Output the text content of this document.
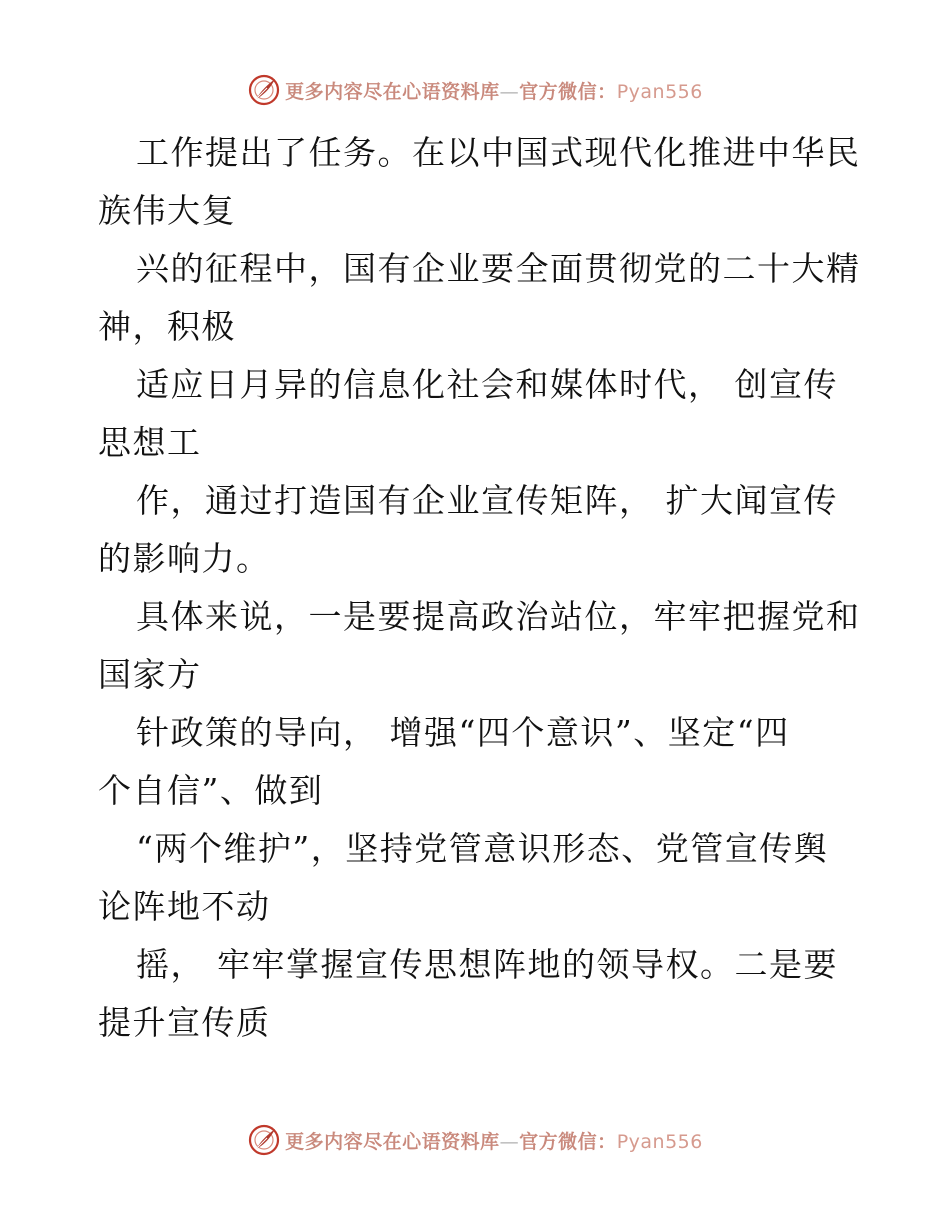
更多内容尽在心语资料库—官方微信：Pyan556

工作提出了任务。在以中国式现代化推进中华民
族伟大复

兴的征程中，国有企业要全面贯彻党的二十大精
神，积极

适应日月异的信息化社会和媒体时代， 创宣传
思想工

作，通过打造国有企业宣传矩阵， 扩大闻宣传
的影响力。

具体来说，一是要提高政治站位，牢牢把握党和
国家方

针政策的导向， 增强“四个意识”、坚定“四
个自信”、做到

“两个维护”，坚持党管意识形态、党管宣传舆
论阵地不动

摇， 牢牢掌握宣传思想阵地的领导权。二是要
提升宣传质

更多内容尽在心语资料库—官方微信：Pyan556
